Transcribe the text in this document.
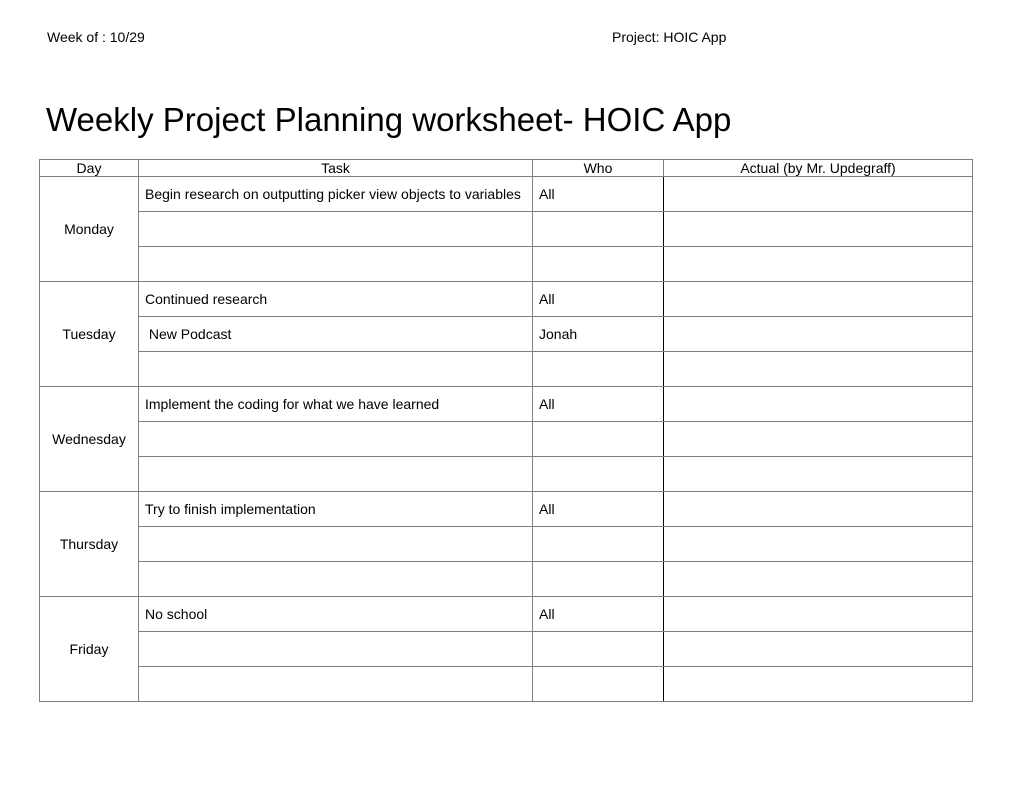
Week of : 10/29	Project: HOIC App
Weekly Project Planning worksheet- HOIC App
Day	Task	Who	Actual (by Mr. Updegraff)
Monday	Begin research on outputting picker view objects to variables	All	

Tuesday	Continued research	All	
	New Podcast	Jonah	

Wednesday	Implement the coding for what we have learned	All	

Thursday	Try to finish implementation	All	

Friday	No school	All	
